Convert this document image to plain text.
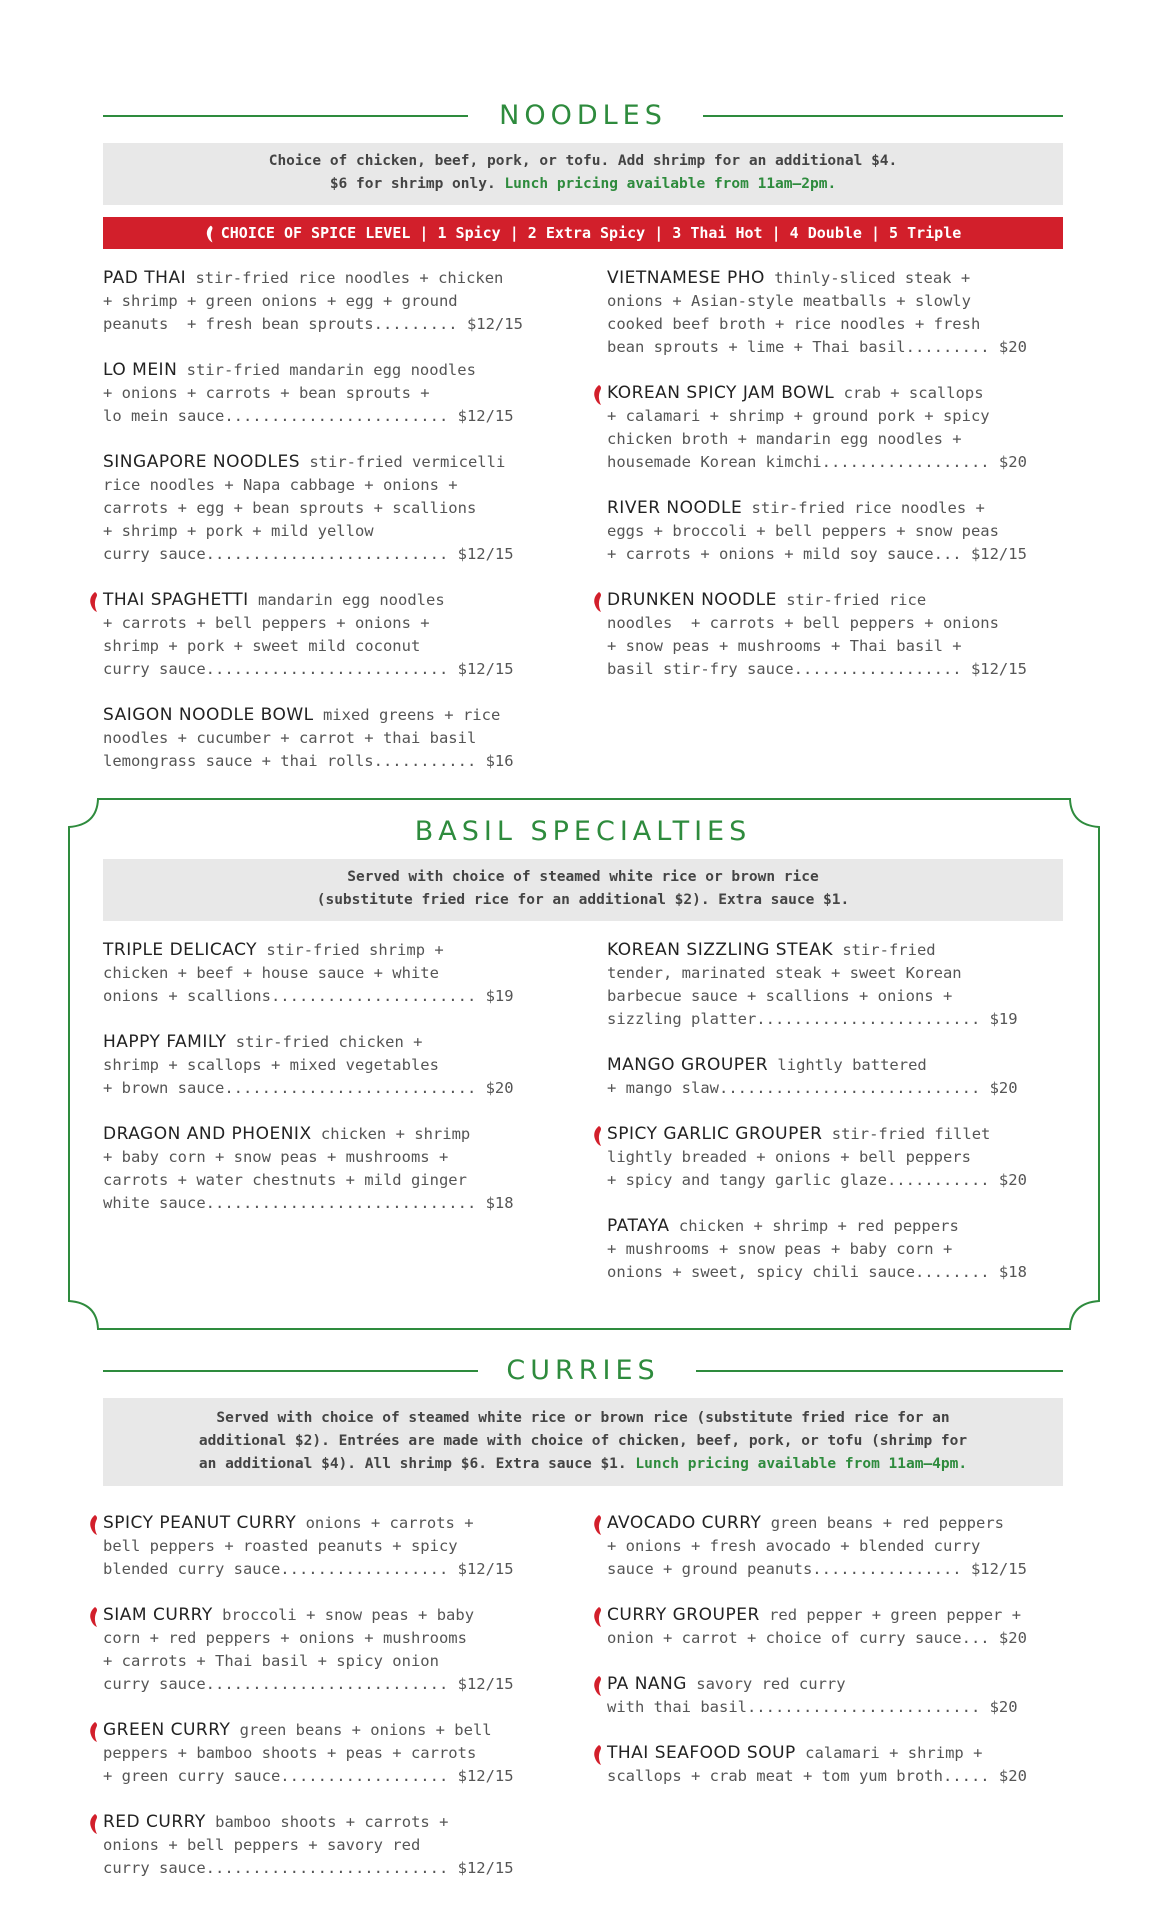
NOODLES
Choice of chicken, beef, pork, or tofu. Add shrimp for an additional $4.
$6 for shrimp only. Lunch pricing available from 11am–2pm.
CHOICE OF SPICE LEVEL | 1 Spicy | 2 Extra Spicy | 3 Thai Hot | 4 Double | 5 Triple
PAD THAI stir-fried rice noodles + chicken
+ shrimp + green onions + egg + ground
peanuts  + fresh bean sprouts......... $12/15
LO MEIN stir-fried mandarin egg noodles
+ onions + carrots + bean sprouts +
lo mein sauce........................ $12/15
SINGAPORE NOODLES stir-fried vermicelli
rice noodles + Napa cabbage + onions +
carrots + egg + bean sprouts + scallions
+ shrimp + pork + mild yellow
curry sauce.......................... $12/15
THAI SPAGHETTI mandarin egg noodles
+ carrots + bell peppers + onions +
shrimp + pork + sweet mild coconut
curry sauce.......................... $12/15
SAIGON NOODLE BOWL mixed greens + rice
noodles + cucumber + carrot + thai basil
lemongrass sauce + thai rolls........... $16
VIETNAMESE PHO thinly-sliced steak +
onions + Asian-style meatballs + slowly
cooked beef broth + rice noodles + fresh
bean sprouts + lime + Thai basil......... $20
KOREAN SPICY JAM BOWL crab + scallops
+ calamari + shrimp + ground pork + spicy
chicken broth + mandarin egg noodles +
housemade Korean kimchi.................. $20
RIVER NOODLE stir-fried rice noodles +
eggs + broccoli + bell peppers + snow peas
+ carrots + onions + mild soy sauce... $12/15
DRUNKEN NOODLE stir-fried rice
noodles  + carrots + bell peppers + onions
+ snow peas + mushrooms + Thai basil +
basil stir-fry sauce.................. $12/15
BASIL SPECIALTIES
Served with choice of steamed white rice or brown rice
(substitute fried rice for an additional $2). Extra sauce $1.
TRIPLE DELICACY stir-fried shrimp +
chicken + beef + house sauce + white
onions + scallions...................... $19
HAPPY FAMILY stir-fried chicken +
shrimp + scallops + mixed vegetables
+ brown sauce........................... $20
DRAGON AND PHOENIX chicken + shrimp
+ baby corn + snow peas + mushrooms +
carrots + water chestnuts + mild ginger
white sauce............................. $18
KOREAN SIZZLING STEAK stir-fried
tender, marinated steak + sweet Korean
barbecue sauce + scallions + onions +
sizzling platter........................ $19
MANGO GROUPER lightly battered
+ mango slaw............................ $20
SPICY GARLIC GROUPER stir-fried fillet
lightly breaded + onions + bell peppers
+ spicy and tangy garlic glaze........... $20
PATAYA chicken + shrimp + red peppers
+ mushrooms + snow peas + baby corn +
onions + sweet, spicy chili sauce........ $18
CURRIES
Served with choice of steamed white rice or brown rice (substitute fried rice for an
additional $2). Entrées are made with choice of chicken, beef, pork, or tofu (shrimp for
an additional $4). All shrimp $6. Extra sauce $1. Lunch pricing available from 11am–4pm.
SPICY PEANUT CURRY onions + carrots +
bell peppers + roasted peanuts + spicy
blended curry sauce.................. $12/15
SIAM CURRY broccoli + snow peas + baby
corn + red peppers + onions + mushrooms
+ carrots + Thai basil + spicy onion
curry sauce.......................... $12/15
GREEN CURRY green beans + onions + bell
peppers + bamboo shoots + peas + carrots
+ green curry sauce.................. $12/15
RED CURRY bamboo shoots + carrots +
onions + bell peppers + savory red
curry sauce.......................... $12/15
AVOCADO CURRY green beans + red peppers
+ onions + fresh avocado + blended curry
sauce + ground peanuts................ $12/15
CURRY GROUPER red pepper + green pepper +
onion + carrot + choice of curry sauce... $20
PA NANG savory red curry
with thai basil......................... $20
THAI SEAFOOD SOUP calamari + shrimp +
scallops + crab meat + tom yum broth..... $20
